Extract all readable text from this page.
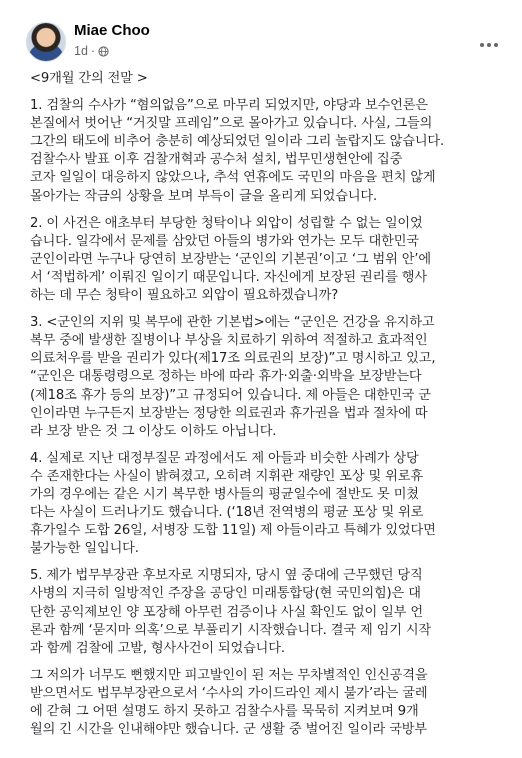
Miae Choo
1d ·

<9개월 간의 전말 >

1. 검찰의 수사가 “혐의없음”으로 마무리 되었지만, 야당과 보수언론은

본질에서 벗어난 “거짓말 프레임”으로 몰아가고 있습니다. 사실, 그들의

그간의 태도에 비추어 충분히 예상되었던 일이라 그리 놀랍지도 않습니다.

검찰수사 발표 이후 검찰개혁과 공수처 설치, 법무민생현안에 집중

코자 일일이 대응하지 않았으나, 추석 연휴에도 국민의 마음을 편치 않게

몰아가는 작금의 상황을 보며 부득이 글을 올리게 되었습니다.

2. 이 사건은 애초부터 부당한 청탁이나 외압이 성립할 수 없는 일이었

습니다. 일각에서 문제를 삼았던 아들의 병가와 연가는 모두 대한민국

군인이라면 누구나 당연히 보장받는 ‘군인의 기본권’이고 ‘그 범위 안’에

서 ‘적법하게’ 이뤄진 일이기 때문입니다. 자신에게 보장된 권리를 행사

하는 데 무슨 청탁이 필요하고 외압이 필요하겠습니까?

3. <군인의 지위 및 복무에 관한 기본법>에는 “군인은 건강을 유지하고

복무 중에 발생한 질병이나 부상을 치료하기 위하여 적절하고 효과적인

의료처우를 받을 권리가 있다(제17조 의료권의 보장)”고 명시하고 있고,

“군인은 대통령령으로 정하는 바에 따라 휴가·외출·외박을 보장받는다

(제18조 휴가 등의 보장)”고 규정되어 있습니다. 제 아들은 대한민국 군

인이라면 누구든지 보장받는 정당한 의료권과 휴가권을 법과 절차에 따

라 보장 받은 것 그 이상도 이하도 아닙니다.

4. 실제로 지난 대정부질문 과정에서도 제 아들과 비슷한 사례가 상당

수 존재한다는 사실이 밝혀졌고, 오히려 지휘관 재량인 포상 및 위로휴

가의 경우에는 같은 시기 복무한 병사들의 평균일수에 절반도 못 미쳤

다는 사실이 드러나기도 했습니다. (‘18년 전역병의 평균 포상 및 위로

휴가일수 도합 26일, 서병장 도합 11일) 제 아들이라고 특혜가 있었다면

불가능한 일입니다.

5. 제가 법무부장관 후보자로 지명되자, 당시 옆 중대에 근무했던 당직

사병의 지극히 일방적인 주장을 공당인 미래통합당(현 국민의힘)은 대

단한 공익제보인 양 포장해 아무런 검증이나 사실 확인도 없이 일부 언

론과 함께 ‘묻지마 의혹’으로 부풀리기 시작했습니다. 결국 제 임기 시작

과 함께 검찰에 고발, 형사사건이 되었습니다.

그 저의가 너무도 뻔했지만 피고발인이 된 저는 무차별적인 인신공격을

받으면서도 법무부장관으로서 ‘수사의 가이드라인 제시 불가’라는 굴레

에 갇혀 그 어떤 설명도 하지 못하고 검찰수사를 묵묵히 지켜보며 9개

월의 긴 시간을 인내해야만 했습니다. 군 생활 중 벌어진 일이라 국방부
